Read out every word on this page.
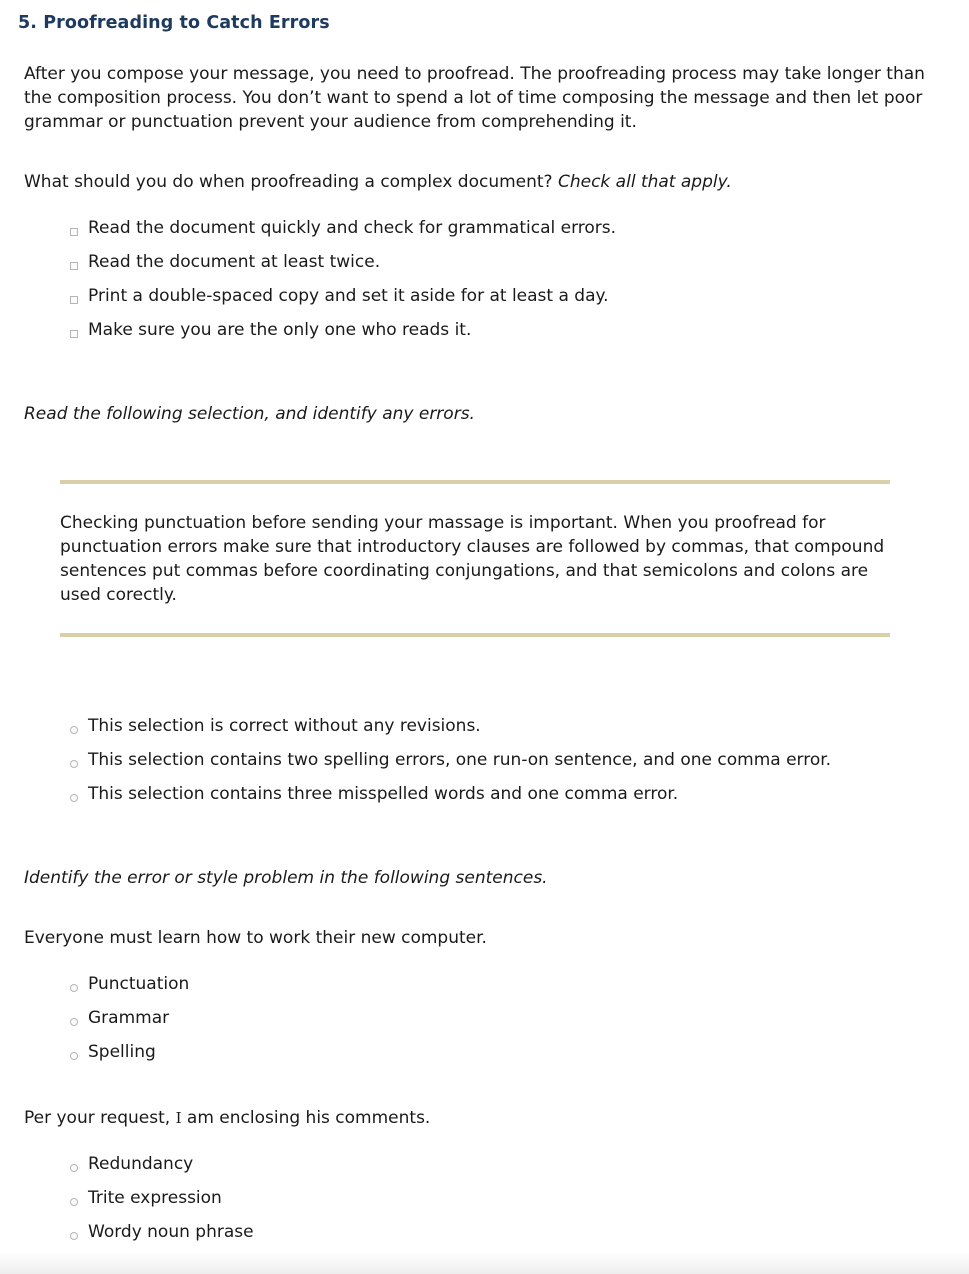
5. Proofreading to Catch Errors

After you compose your message, you need to proofread. The proofreading process may take longer than the composition process. You don’t want to spend a lot of time composing the message and then let poor grammar or punctuation prevent your audience from comprehending it.

What should you do when proofreading a complex document? Check all that apply.

Read the document quickly and check for grammatical errors.
Read the document at least twice.
Print a double-spaced copy and set it aside for at least a day.
Make sure you are the only one who reads it.

Read the following selection, and identify any errors.

Checking punctuation before sending your massage is important. When you proofread for punctuation errors make sure that introductory clauses are followed by commas, that compound sentences put commas before coordinating conjungations, and that semicolons and colons are used corectly.

This selection is correct without any revisions.
This selection contains two spelling errors, one run-on sentence, and one comma error.
This selection contains three misspelled words and one comma error.

Identify the error or style problem in the following sentences.

Everyone must learn how to work their new computer.

Punctuation
Grammar
Spelling

Per your request, I am enclosing his comments.

Redundancy
Trite expression
Wordy noun phrase
